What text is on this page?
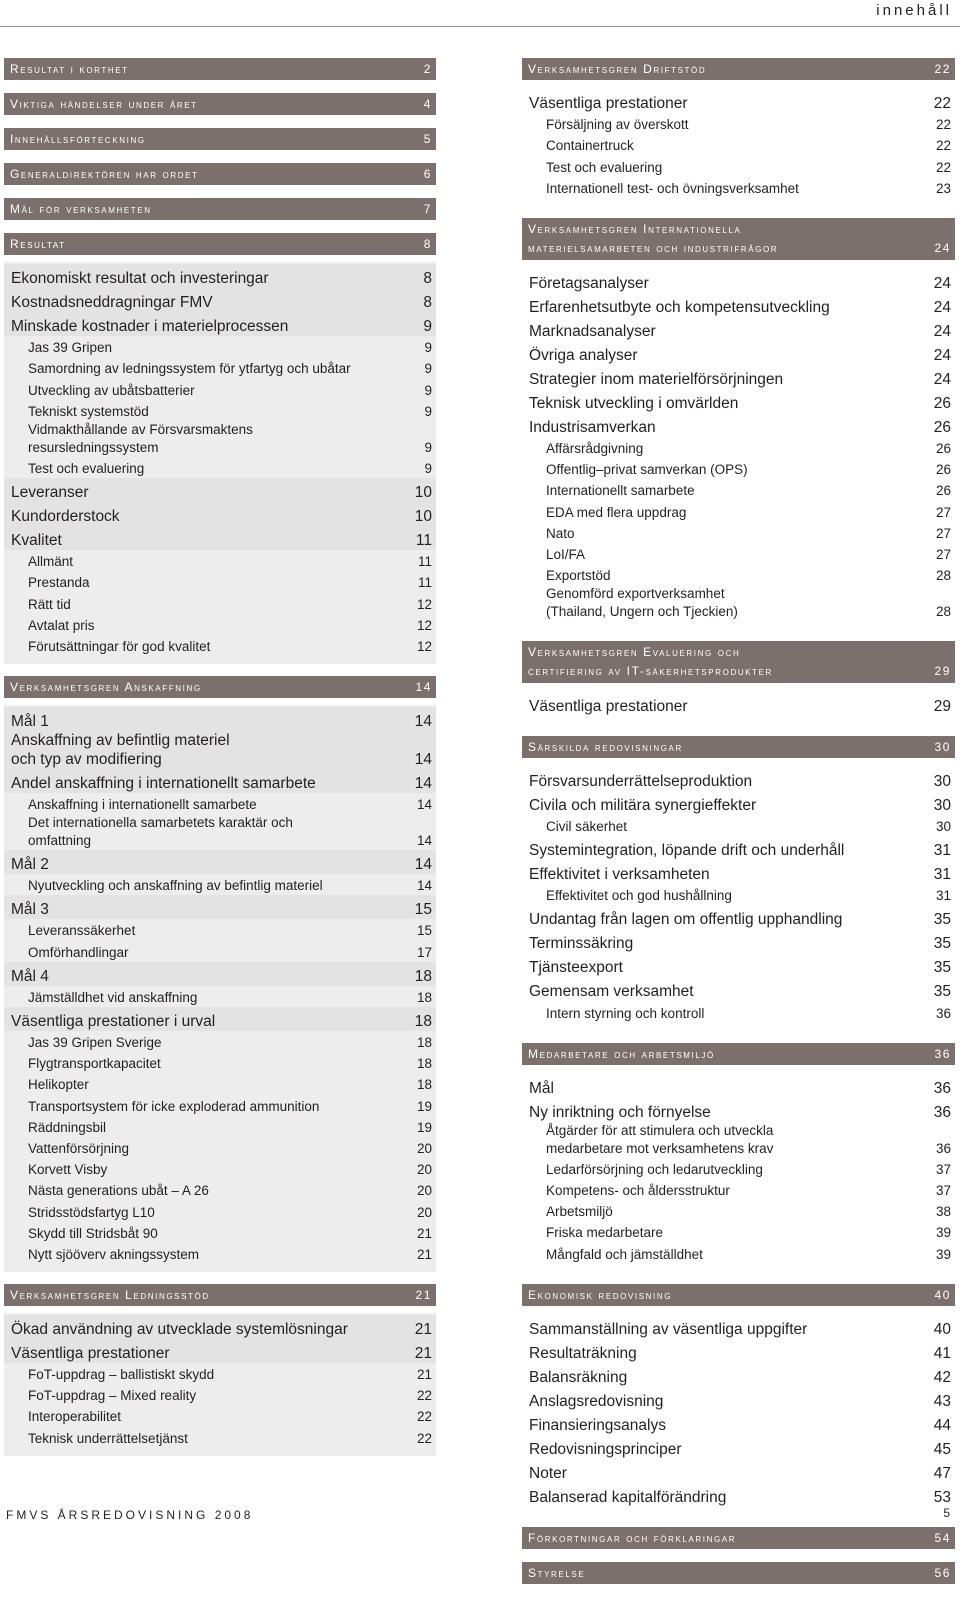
innehåll
Resultat i korthet	2
Viktiga händelser under året	4
Innehållsförteckning	5
Generaldirektören har ordet	6
Mål för verksamheten	7
Resultat	8
Ekonomiskt resultat och investeringar	8
Kostnadsneddragningar FMV	8
Minskade kostnader i materielprocessen	9
Jas 39 Gripen	9
Samordning av ledningssystem för ytfartyg och ubåtar	9
Utveckling av ubåtsbatterier	9
Tekniskt systemstöd	9
Vidmakthållande av Försvarsmaktens
resursledningssystem	9
Test och evaluering	9
Leveranser	10
Kundorderstock	10
Kvalitet	11
Allmänt	11
Prestanda	11
Rätt tid	12
Avtalat pris	12
Förutsättningar för god kvalitet	12
Verksamhetsgren Anskaffning	14
Mål 1	14
Anskaffning av befintlig materiel
och typ av modifiering	14
Andel anskaffning i internationellt samarbete	14
Anskaffning i internationellt samarbete	14
Det internationella samarbetets karaktär och
omfattning	14
Mål 2	14
Nyutveckling och anskaffning av befintlig materiel	14
Mål 3	15
Leveranssäkerhet	15
Omförhandlingar	17
Mål 4	18
Jämställdhet vid anskaffning	18
Väsentliga prestationer i urval	18
Jas 39 Gripen Sverige	18
Flygtransportkapacitet	18
Helikopter	18
Transportsystem för icke exploderad ammunition	19
Räddningsbil	19
Vattenförsörjning	20
Korvett Visby	20
Nästa generations ubåt – A 26	20
Stridsstödsfartyg L10	20
Skydd till Stridsbåt 90	21
Nytt sjööverv akningssystem	21
Verksamhetsgren Ledningsstöd	21
Ökad användning av utvecklade systemlösningar	21
Väsentliga prestationer	21
FoT-uppdrag – ballistiskt skydd	21
FoT-uppdrag – Mixed reality	22
Interoperabilitet	22
Teknisk underrättelsetjänst	22
Verksamhetsgren Driftstöd	22
Väsentliga prestationer	22
Försäljning av överskott	22
Containertruck	22
Test och evaluering	22
Internationell test- och övningsverksamhet	23
Verksamhetsgren Internationella
materielsamarbeten och industrifrågor	24
Företagsanalyser	24
Erfarenhetsutbyte och kompetensutveckling	24
Marknadsanalyser	24
Övriga analyser	24
Strategier inom materielförsörjningen	24
Teknisk utveckling i omvärlden	26
Industrisamverkan	26
Affärsrådgivning	26
Offentlig–privat samverkan (OPS)	26
Internationellt samarbete	26
EDA med flera uppdrag	27
Nato	27
LoI/FA	27
Exportstöd	28
Genomförd exportverksamhet
(Thailand, Ungern och Tjeckien)	28
Verksamhetsgren Evaluering och
certifiering av IT-säkerhetsprodukter	29
Väsentliga prestationer	29
Särskilda redovisningar	30
Försvarsunderrättelseproduktion	30
Civila och militära synergieffekter	30
Civil säkerhet	30
Systemintegration, löpande drift och underhåll	31
Effektivitet i verksamheten	31
Effektivitet och god hushållning	31
Undantag från lagen om offentlig upphandling	35
Terminssäkring	35
Tjänsteexport	35
Gemensam verksamhet	35
Intern styrning och kontroll	36
Medarbetare och arbetsmiljö	36
Mål	36
Ny inriktning och förnyelse	36
Åtgärder för att stimulera och utveckla
medarbetare mot verksamhetens krav	36
Ledarförsörjning och ledarutveckling	37
Kompetens- och åldersstruktur	37
Arbetsmiljö	38
Friska medarbetare	39
Mångfald och jämställdhet	39
Ekonomisk redovisning	40
Sammanställning av väsentliga uppgifter	40
Resultaträkning	41
Balansräkning	42
Anslagsredovisning	43
Finansieringsanalys	44
Redovisningsprinciper	45
Noter	47
Balanserad kapitalförändring	53
Förkortningar och förklaringar	54
Styrelse	56
FMVS ÅRSREDOVISNING 2008	5
